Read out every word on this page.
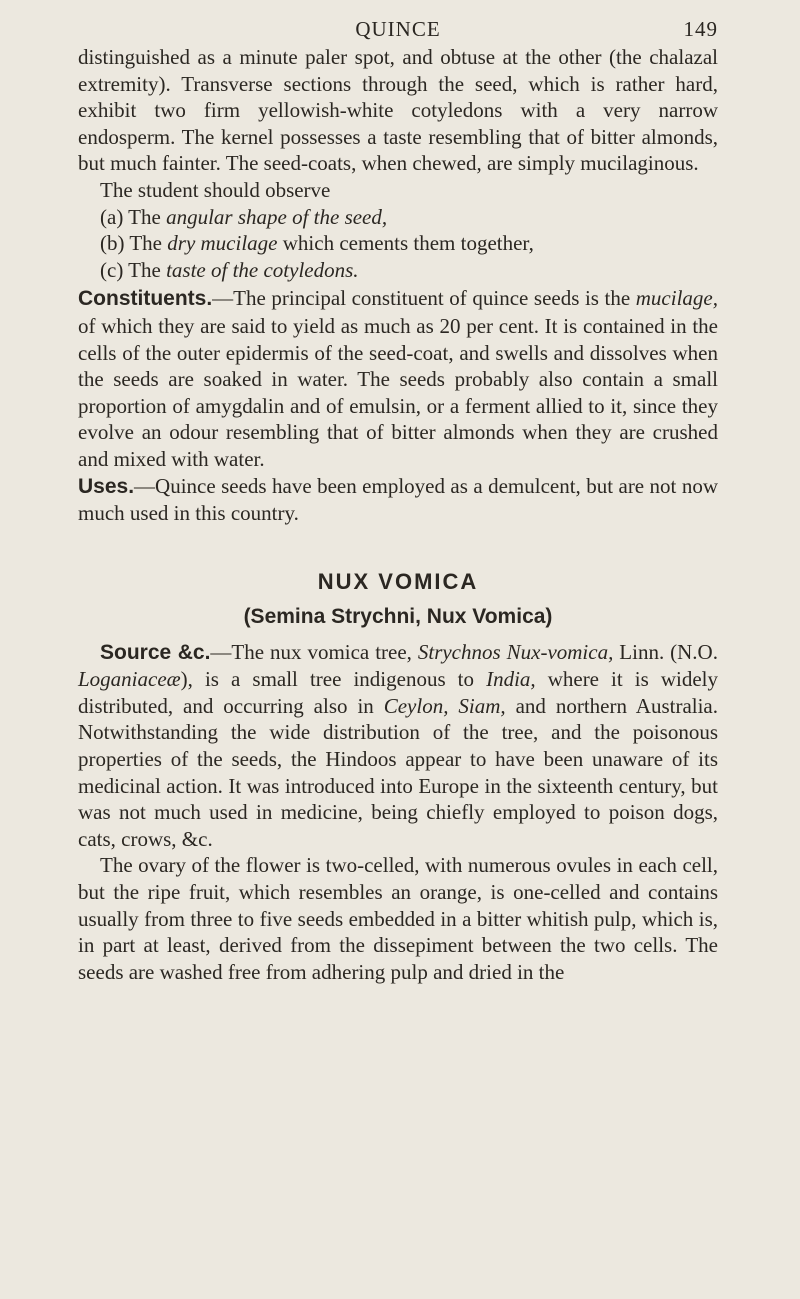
QUINCE	149

distinguished as a minute paler spot, and obtuse at the other (the chalazal extremity). Transverse sections through the seed, which is rather hard, exhibit two firm yellowish-white cotyledons with a very narrow endosperm. The kernel possesses a taste resembling that of bitter almonds, but much fainter. The seed-coats, when chewed, are simply mucilaginous.

The student should observe

(a) The angular shape of the seed,

(b) The dry mucilage which cements them together,

(c) The taste of the cotyledons.

Constituents.—The principal constituent of quince seeds is the mucilage, of which they are said to yield as much as 20 per cent. It is contained in the cells of the outer epidermis of the seed-coat, and swells and dissolves when the seeds are soaked in water. The seeds probably also contain a small proportion of amygdalin and of emulsin, or a ferment allied to it, since they evolve an odour resembling that of bitter almonds when they are crushed and mixed with water.

Uses.—Quince seeds have been employed as a demulcent, but are not now much used in this country.

NUX VOMICA
(Semina Strychni, Nux Vomica)

Source &c.—The nux vomica tree, Strychnos Nux-vomica, Linn. (N.O. Loganiaceæ), is a small tree indigenous to India, where it is widely distributed, and occurring also in Ceylon, Siam, and northern Australia. Notwithstanding the wide distribution of the tree, and the poisonous properties of the seeds, the Hindoos appear to have been unaware of its medicinal action. It was introduced into Europe in the sixteenth century, but was not much used in medicine, being chiefly employed to poison dogs, cats, crows, &c.

The ovary of the flower is two-celled, with numerous ovules in each cell, but the ripe fruit, which resembles an orange, is one-celled and contains usually from three to five seeds embedded in a bitter whitish pulp, which is, in part at least, derived from the dissepiment between the two cells. The seeds are washed free from adhering pulp and dried in the
